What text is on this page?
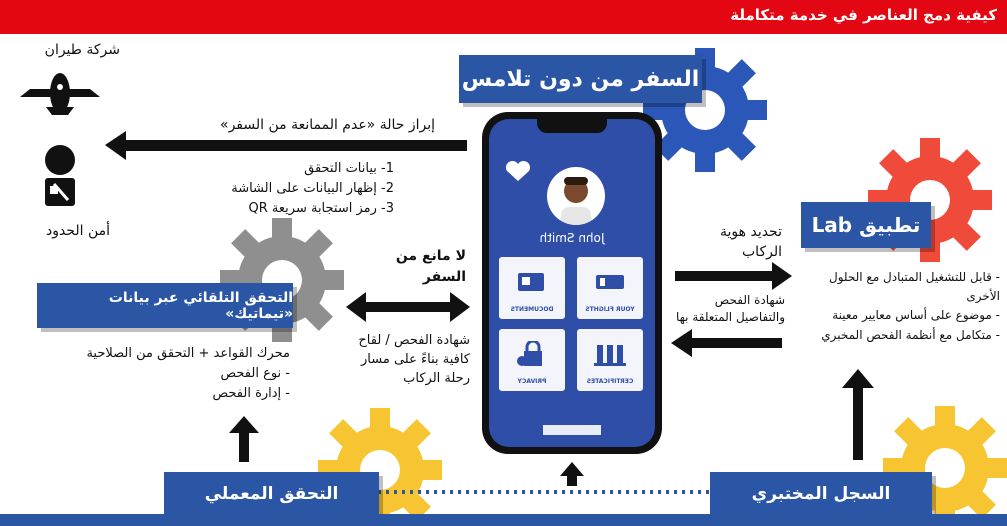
كيفية دمج العناصر في خدمة متكاملة
شركة طيران
أمن الحدود
إبراز حالة «عدم الممانعة من السفر»
1- بيانات التحقق
2- إظهار البيانات على الشاشة
3- رمز استجابة سريعة QR
السفر من دون تلامس
التحقق التلقائي عبر بيانات «تيماتيك»
محرك القواعد + التحقق من الصلاحية
- نوع الفحص
- إدارة الفحص
لا مانع من السفر
شهادة الفحص / لقاح كافية بناءً على مسار رحلة الركاب
John Smith
DOCUMENTS	YOUR FLIGHTS
PRIVACY	CERTIFICATES
تحديد هوية الركاب
شهادة الفحص والتفاصيل المتعلقة بها
تطبيق Lab
- قابل للتشغيل المتبادل مع الحلول الأخرى
- موضوع على أساس معايير معينة
- متكامل مع أنظمة الفحص المخبري
التحقق المعملي	السجل المختبري
